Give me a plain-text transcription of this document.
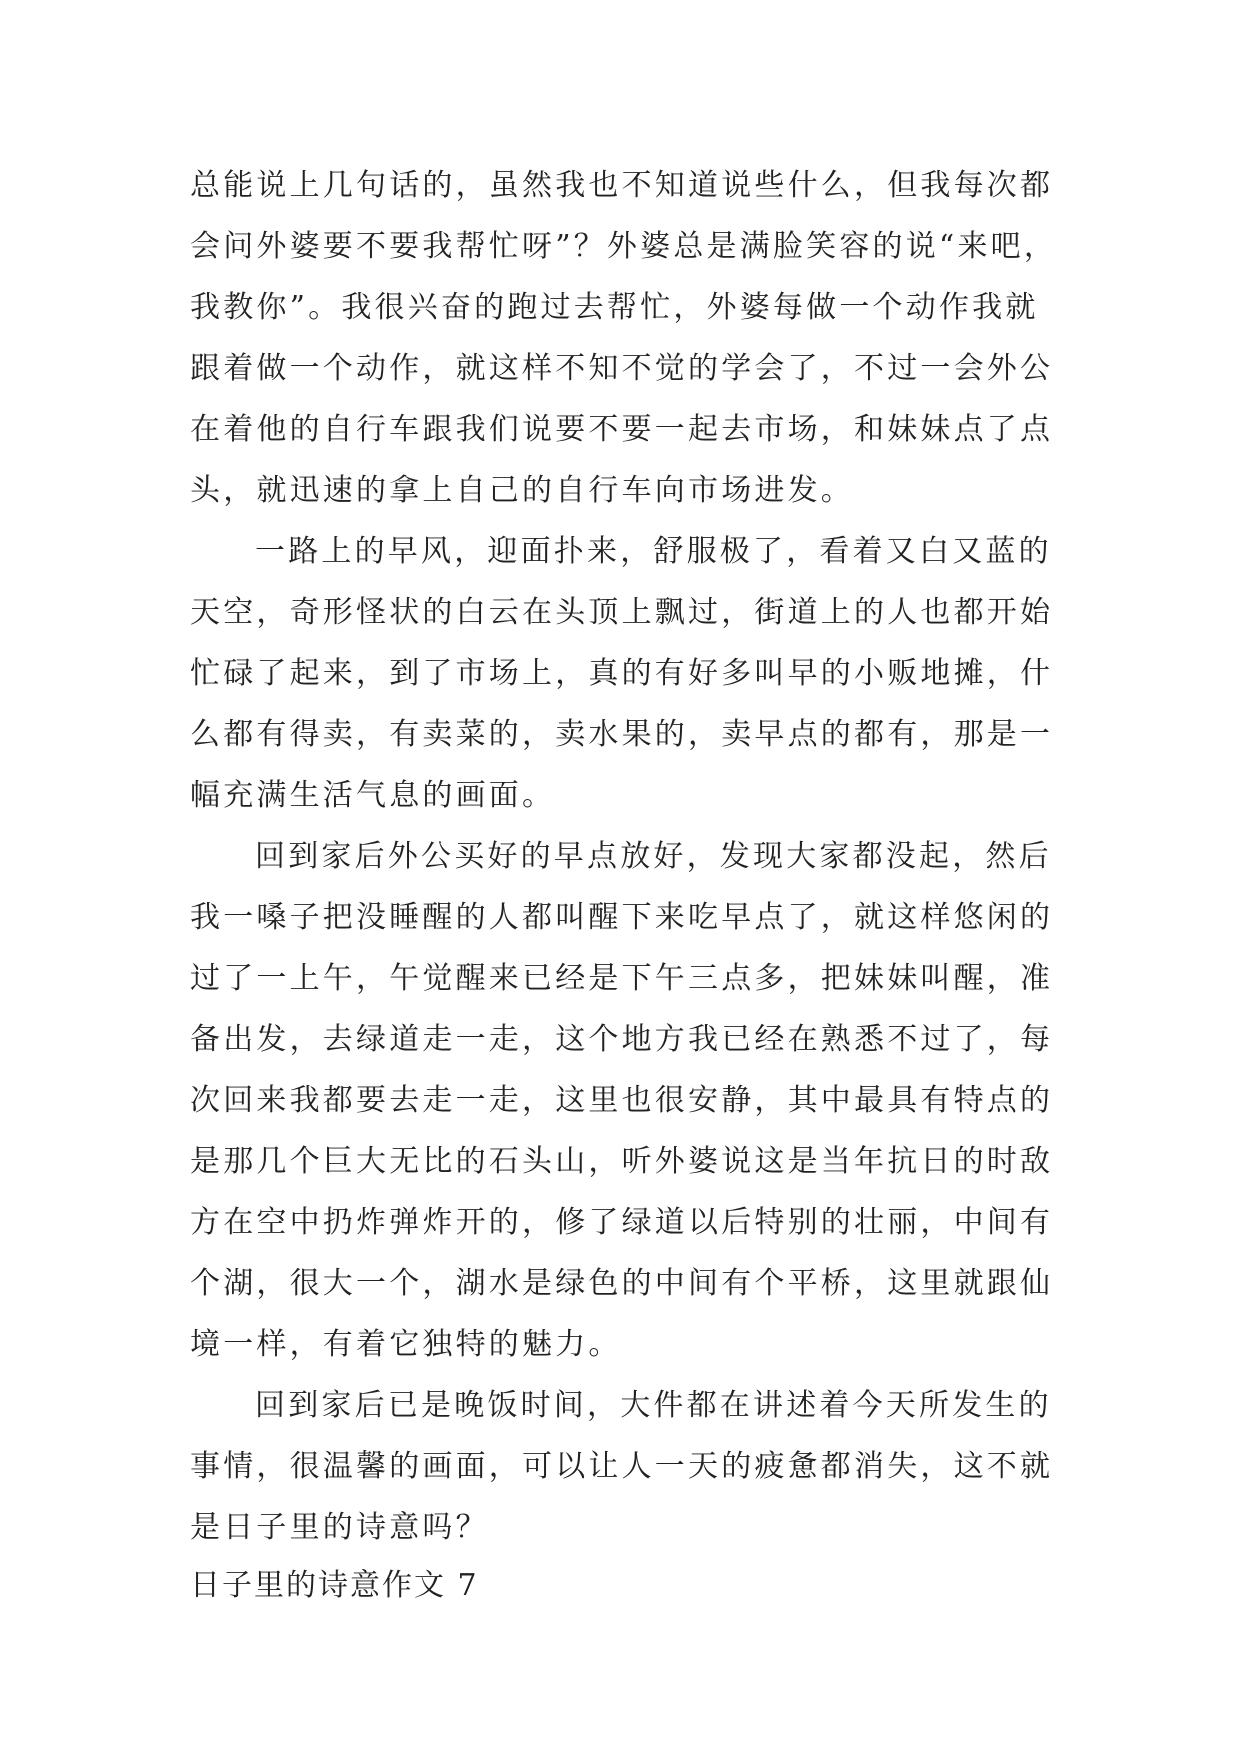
总能说上几句话的，虽然我也不知道说些什么，但我每次都
会问外婆要不要我帮忙呀”？外婆总是满脸笑容的说“来吧，
我教你”。我很兴奋的跑过去帮忙，外婆每做一个动作我就
跟着做一个动作，就这样不知不觉的学会了，不过一会外公
在着他的自行车跟我们说要不要一起去市场，和妹妹点了点
头，就迅速的拿上自己的自行车向市场进发。
一路上的早风，迎面扑来，舒服极了，看着又白又蓝的
天空，奇形怪状的白云在头顶上飘过，街道上的人也都开始
忙碌了起来，到了市场上，真的有好多叫早的小贩地摊，什
么都有得卖，有卖菜的，卖水果的，卖早点的都有，那是一
幅充满生活气息的画面。
回到家后外公买好的早点放好，发现大家都没起，然后
我一嗓子把没睡醒的人都叫醒下来吃早点了，就这样悠闲的
过了一上午，午觉醒来已经是下午三点多，把妹妹叫醒，准
备出发，去绿道走一走，这个地方我已经在熟悉不过了，每
次回来我都要去走一走，这里也很安静，其中最具有特点的
是那几个巨大无比的石头山，听外婆说这是当年抗日的时敌
方在空中扔炸弹炸开的，修了绿道以后特别的壮丽，中间有
个湖，很大一个，湖水是绿色的中间有个平桥，这里就跟仙
境一样，有着它独特的魅力。
回到家后已是晚饭时间，大件都在讲述着今天所发生的
事情，很温馨的画面，可以让人一天的疲惫都消失，这不就
是日子里的诗意吗？
日子里的诗意作文 7
